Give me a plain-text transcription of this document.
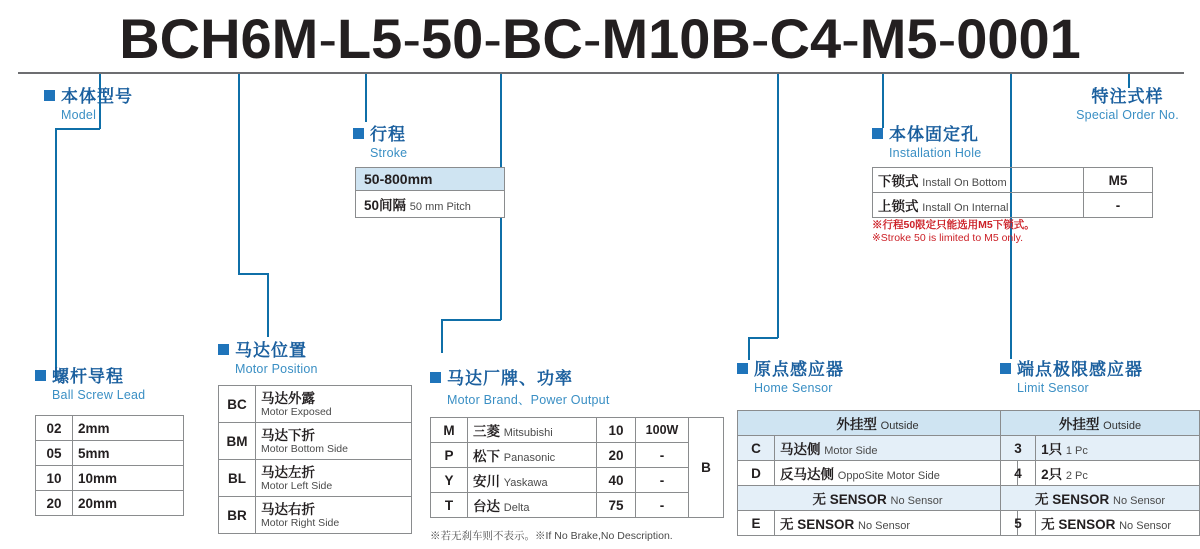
BCH6M-L5-50-BC-M10B-C4-M5-0001
本体型号
Model
行程
Stroke
特注式样
Special Order No.
本体固定孔
Installation Hole
螺杆导程
Ball Screw Lead
马达位置
Motor Position	马达厂牌、功率
Motor Brand、Power Output
原点感应器
Home Sensor
端点极限感应器
Limit Sensor
50-800mm
50间隔 50 mm Pitch
下锁式 Install On Bottom	M5
上锁式 Install On Internal	-
※行程50限定只能选用M5下锁式。
※Stroke 50 is limited to M5 only.
02	2mm
05	5mm
10	10mm
20	20mm
BC	马达外露
Motor Exposed

BM	马达下折
Motor Bottom Side

BL	马达左折
Motor Left Side

BR	马达右折
Motor Right Side
M	三菱 Mitsubishi	10	100W	B
P	松下 Panasonic	20	-	
Y	安川 Yaskawa	40	-	
T	台达 Delta	75	-	
※若无刹车则不表示。※If No Brake,No Description.
外挂型 Outside	
C	马达侧 Motor Side
D	反马达侧 OppoSite Motor Side
无 SENSOR No Sensor	
E	无 SENSOR No Sensor
外挂型 Outside	
3	1只 1 Pc
4	2只 2 Pc
无 SENSOR No Sensor	
5	无 SENSOR No Sensor
